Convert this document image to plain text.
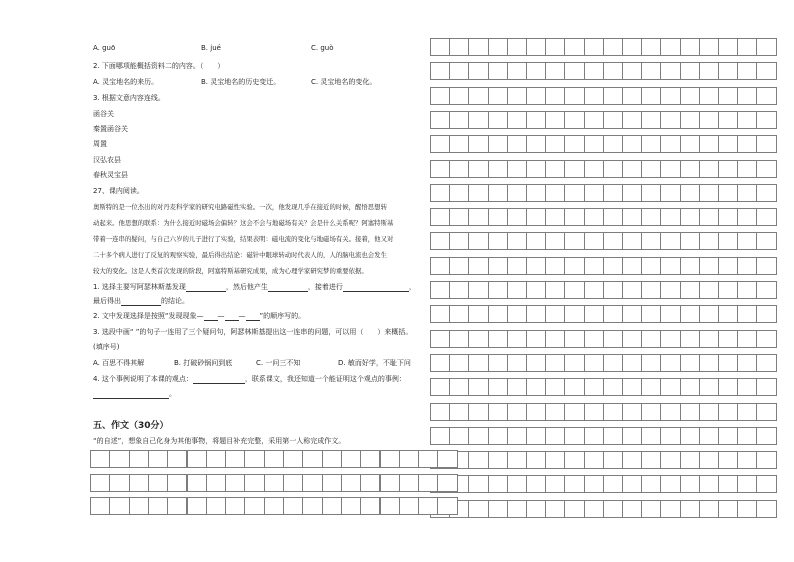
A. guō	B. jué	C. guò
2. 下面哪项能概括资料二的内容。（　　）
A. 灵宝地名的来历。	B. 灵宝地名的历史变迁。	C. 灵宝地名的变化。
3. 根据文意内容连线。
函谷关
秦置函谷关
周置
汉弘农县
春秋灵宝县
27、课内阅读。
奥斯特的是一位杰出的对丹麦科学家的研究电路磁性实验。一次，他发现几乎在接近的时候，醒悟思想转
动起来。他思想的联系：为什么接近时磁场会偏转？这会不会与地磁场有关？会是什么关系呢？阿塞特斯基
带着一连串的疑问，与自己六岁的儿子进行了实验，结果表明：磁电流的变化与地磁场有关。接着，他又对
二十多个病人进行了反复的观察实验，最后得出结论：磁针中眼球转动时代表人的，人的脑电流也会发生
较大的变化。这是人类首次发现的阶段，阿塞特斯基研究成果，成为心理学家研究梦的重要依据。
1. 选择主要写阿瑟林斯基发现	，然后他产生	，接着进行	，
最后得出	的结论。
2. 文中发现选择是按照“发现现象— — — ”的顺序写的。
3. 选段中画“ ”的句子一连用了三个疑问句，阿瑟林斯基提出这一连串的问题，可以用（　　）来概括。
(填序号)
A. 百思不得其解	B. 打破砂锅问到底	C. 一问三不知	D. 敏而好学，不耻下问
4. 这个事例说明了本课的观点：	，联系课文，我还知道一个能证明这个观点的事例：
。
五、作文（30分）
“的自述”，想象自己化身为其他事物，将题目补充完整，采用第一人称完成作文。
